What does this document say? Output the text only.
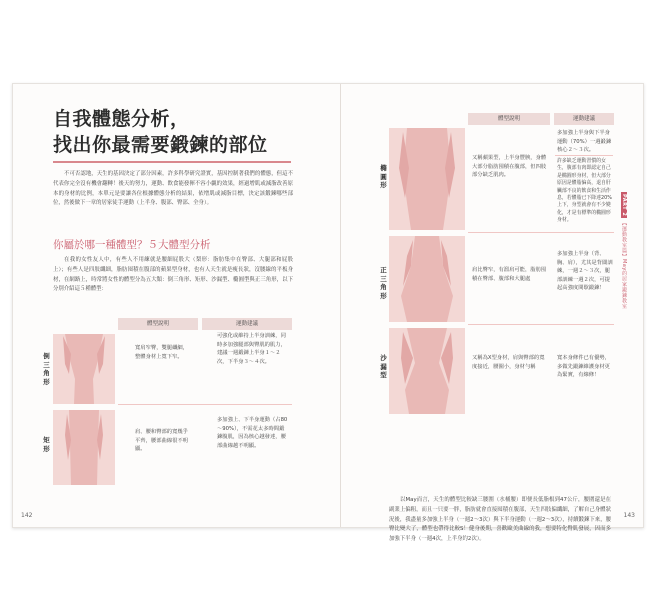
自我體態分析，
找出你最需要鍛鍊的部位

不可否認地，天生的基因決定了部分因素，許多科學研究證實，基因控制著我們的體態，但這不代表你完全沒有機會翻轉！後天的努力，運動、飲食能發揮不容小覷的效果，經過增肌或減脂改善原本的身材的比例，本單元是要讓各位根據體態分析的結果，依增肌或減脂目標，決定該鍛鍊哪些部位，然後做下一章的居家徒手運動（上半身、腹部、臀部、全身）。

你屬於哪一種體型？５大體型分析

在我的女性友人中，有些人不用練就是腰細屁股大（梨形：脂肪集中在臀部、大腿部和屁股上）；有些人是四肢纖細，脂肪囤積在腹部的蘋果型身材，也有人天生就是瘦長狀，沒腰線的平板身材，在網路上，時常將女性的體型分為五大類：倒三角形、矩形、沙漏型、橢圓型與正三角形，以下分別介紹這５種體型：

體型說明	運動建議
倒三角形
寬肩窄臀，雙腿纖細，整體身材上寬下窄。
可強化或維持上半身訓練，同時多加強腿部與臀肌的肌力，建議一週鍛鍊上半身１～２次，下半身３～４次。
矩形
肩、腰和臀部的寬幾乎平齊，腰部曲線很不明顯。
多加強上、下半身運動（占80～90%），不需花太多時間鍛鍊腹肌，因為核心越發達，腰部曲線越不明顯。
142
體型說明	運動建議
橢圓形
又稱蘋果型，上半身豐腴，身體大部分脂肪囤積在腹部，但四肢部分缺乏肌肉。
多加強上半身與下半身運動（70%）一週鍛鍊核心２～３次。
許多缺乏運動習慣的女生，腹部有肉即認定自己是橢圓形身材，但大部分原因是體脂偏高，退自肝臟部不良的飲食和生活作息，若體脂已下降達20%上下，身型就會有不少變化，才是有標準的橢圓形身材。
正三角形
肩比臀窄，有溜肩可能，脂肪囤積在臀部、腹部和大腿處
多加強上半身（背、胸、肩），尤其是背闊訓練，一週２～３次，腿部訓練一週２次，可提起高強度間歇鍛鍊！
沙漏型
又稱為X型身材，肩與臀部的寬度接近，腰圍小，身材勻稱
寬本身條件已有優勢，多做先鍛鍊維護身材更為緊實，有線條！
PART 2 【運動教室篇】May的居家鍛鍊教室

以May而言，天生的體型比較缺三腰圍（水桶腰）即便長低脂根到47公斤，腰圍還是在副業上偏粗，而且一只要一胖，脂肪就會直接囤積在腹部，天生四肢偏纖細，了解自己身體狀況後，我盡量多加強上半身（一週2～3次）與下半身運動（一週2～3次），持續鍛鍊下來，腰臀比變大了，體型也帶得比較S！健身後期，喜歡歐美曲線的我，想要特化臀肌發展，因而多加強下半身（一週4次，上半身約2次）。

143
